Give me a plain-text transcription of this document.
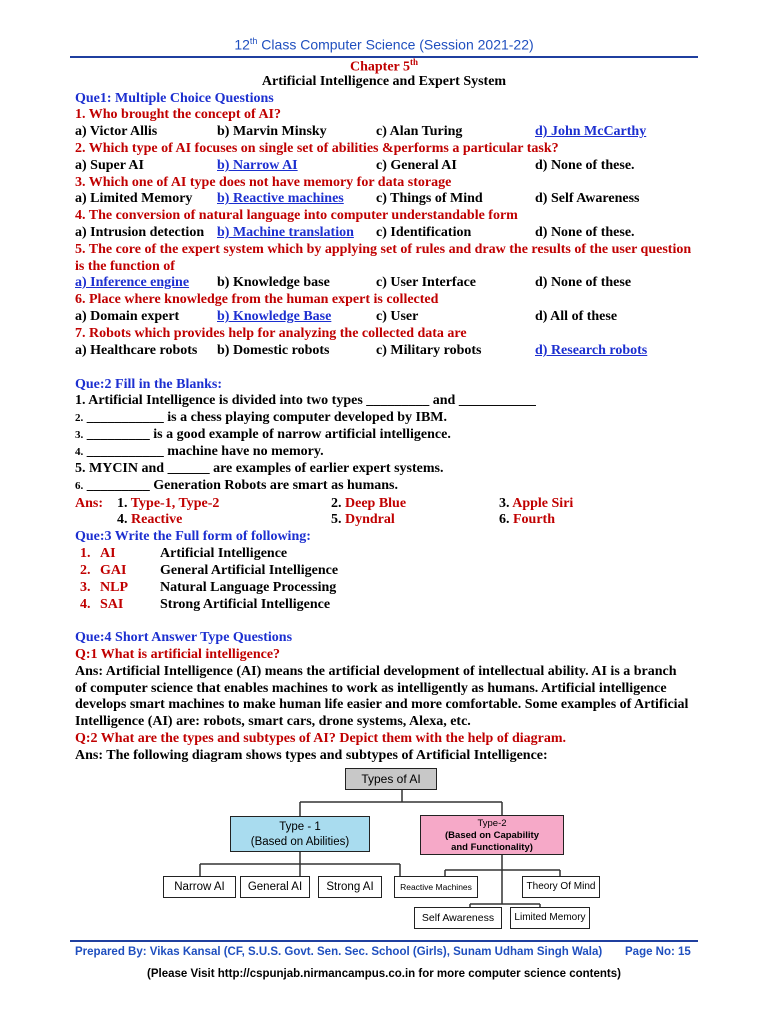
12th Class Computer Science (Session 2021-22)
Chapter 5th
Artificial Intelligence and Expert System
Que1: Multiple Choice Questions
1. Who brought the concept of AI?
a) Victor Allis	b) Marvin Minsky	c) Alan Turing	d) John McCarthy
2. Which type of AI focuses on single set of abilities &performs a particular task?
a) Super AI	b) Narrow AI	c) General AI	d) None of these.
3. Which one of AI type does not have memory for data storage
a) Limited Memory b) Reactive machines c) Things of Mind	d) Self Awareness
4. The conversion of natural language into computer understandable form
a) Intrusion detection b) Machine translation c) Identification	d) None of these.
5. The core of the expert system which by applying set of rules and draw the results of the user question
is the function of
a) Inference engine b) Knowledge base	c) User Interface	d) None of these
6. Place where knowledge from the human expert is collected
a) Domain expert	b) Knowledge Base	c) User	d) All of these
7. Robots which provides help for analyzing the collected data are
a) Healthcare robots b) Domestic robots	c) Military robots	d) Research robots
Que:2 Fill in the Blanks:
1. Artificial Intelligence is divided into two types _________ and ___________
2. ___________ is a chess playing computer developed by IBM.
3. _________ is a good example of narrow artificial intelligence.
4. ___________ machine have no memory.
5. MYCIN and ______ are examples of earlier expert systems.
6. _________ Generation Robots are smart as humans.
Ans: 1. Type-1, Type-2	2. Deep Blue	3. Apple Siri
4. Reactive	5. Dyndral	6. Fourth
Que:3 Write the Full form of following:
1. AI	Artificial Intelligence
2. GAI General Artificial Intelligence
3. NLP Natural Language Processing
4. SAI	Strong Artificial Intelligence
Que:4 Short Answer Type Questions
Q:1 What is artificial intelligence?
Ans: Artificial Intelligence (AI) means the artificial development of intellectual ability. AI is a branch
of computer science that enables machines to work as intelligently as humans. Artificial intelligence
develops smart machines to make human life easier and more comfortable. Some examples of Artificial
Intelligence (AI) are: robots, smart cars, drone systems, Alexa, etc.
Q:2 What are the types and subtypes of AI? Depict them with the help of diagram.
Ans: The following diagram shows types and subtypes of Artificial Intelligence:
Types of AI
Type - 1
(Based on Abilities)
Type-2
(Based on Capability
and Functionality)
Narrow AI	General AI	Strong AI	Reactive Machines	Theory Of Mind
Self Awareness	Limited Memory
Prepared By: Vikas Kansal (CF, S.U.S. Govt. Sen. Sec. School (Girls), Sunam Udham Singh Wala) Page No: 15
(Please Visit http://cspunjab.nirmancampus.co.in for more computer science contents)
